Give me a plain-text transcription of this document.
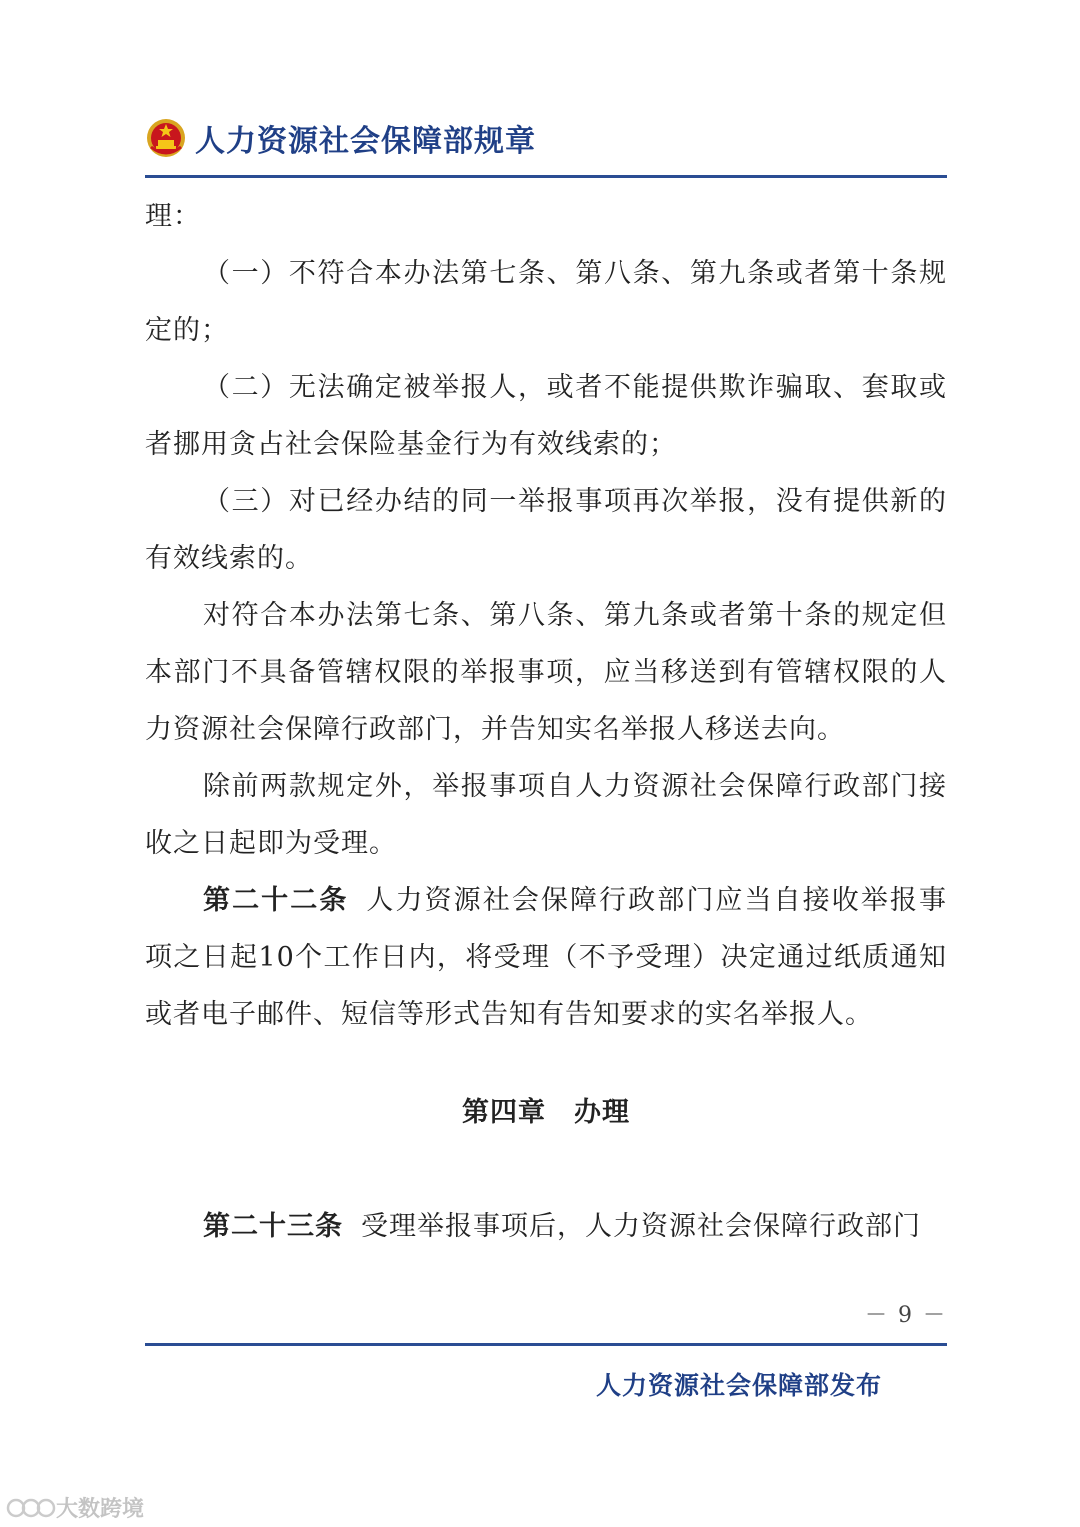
人力资源社会保障部规章

理：

（一）不符合本办法第七条、第八条、第九条或者第十条规定的；

（二）无法确定被举报人，或者不能提供欺诈骗取、套取或者挪用贪占社会保险基金行为有效线索的；

（三）对已经办结的同一举报事项再次举报，没有提供新的有效线索的。

对符合本办法第七条、第八条、第九条或者第十条的规定但本部门不具备管辖权限的举报事项，应当移送到有管辖权限的人力资源社会保障行政部门，并告知实名举报人移送去向。

除前两款规定外，举报事项自人力资源社会保障行政部门接收之日起即为受理。

第二十二条 人力资源社会保障行政部门应当自接收举报事项之日起10个工作日内，将受理（不予受理）决定通过纸质通知或者电子邮件、短信等形式告知有告知要求的实名举报人。

第四章　办理

第二十三条 受理举报事项后，人力资源社会保障行政部门

－ 9 －
人力资源社会保障部发布
大数跨境
